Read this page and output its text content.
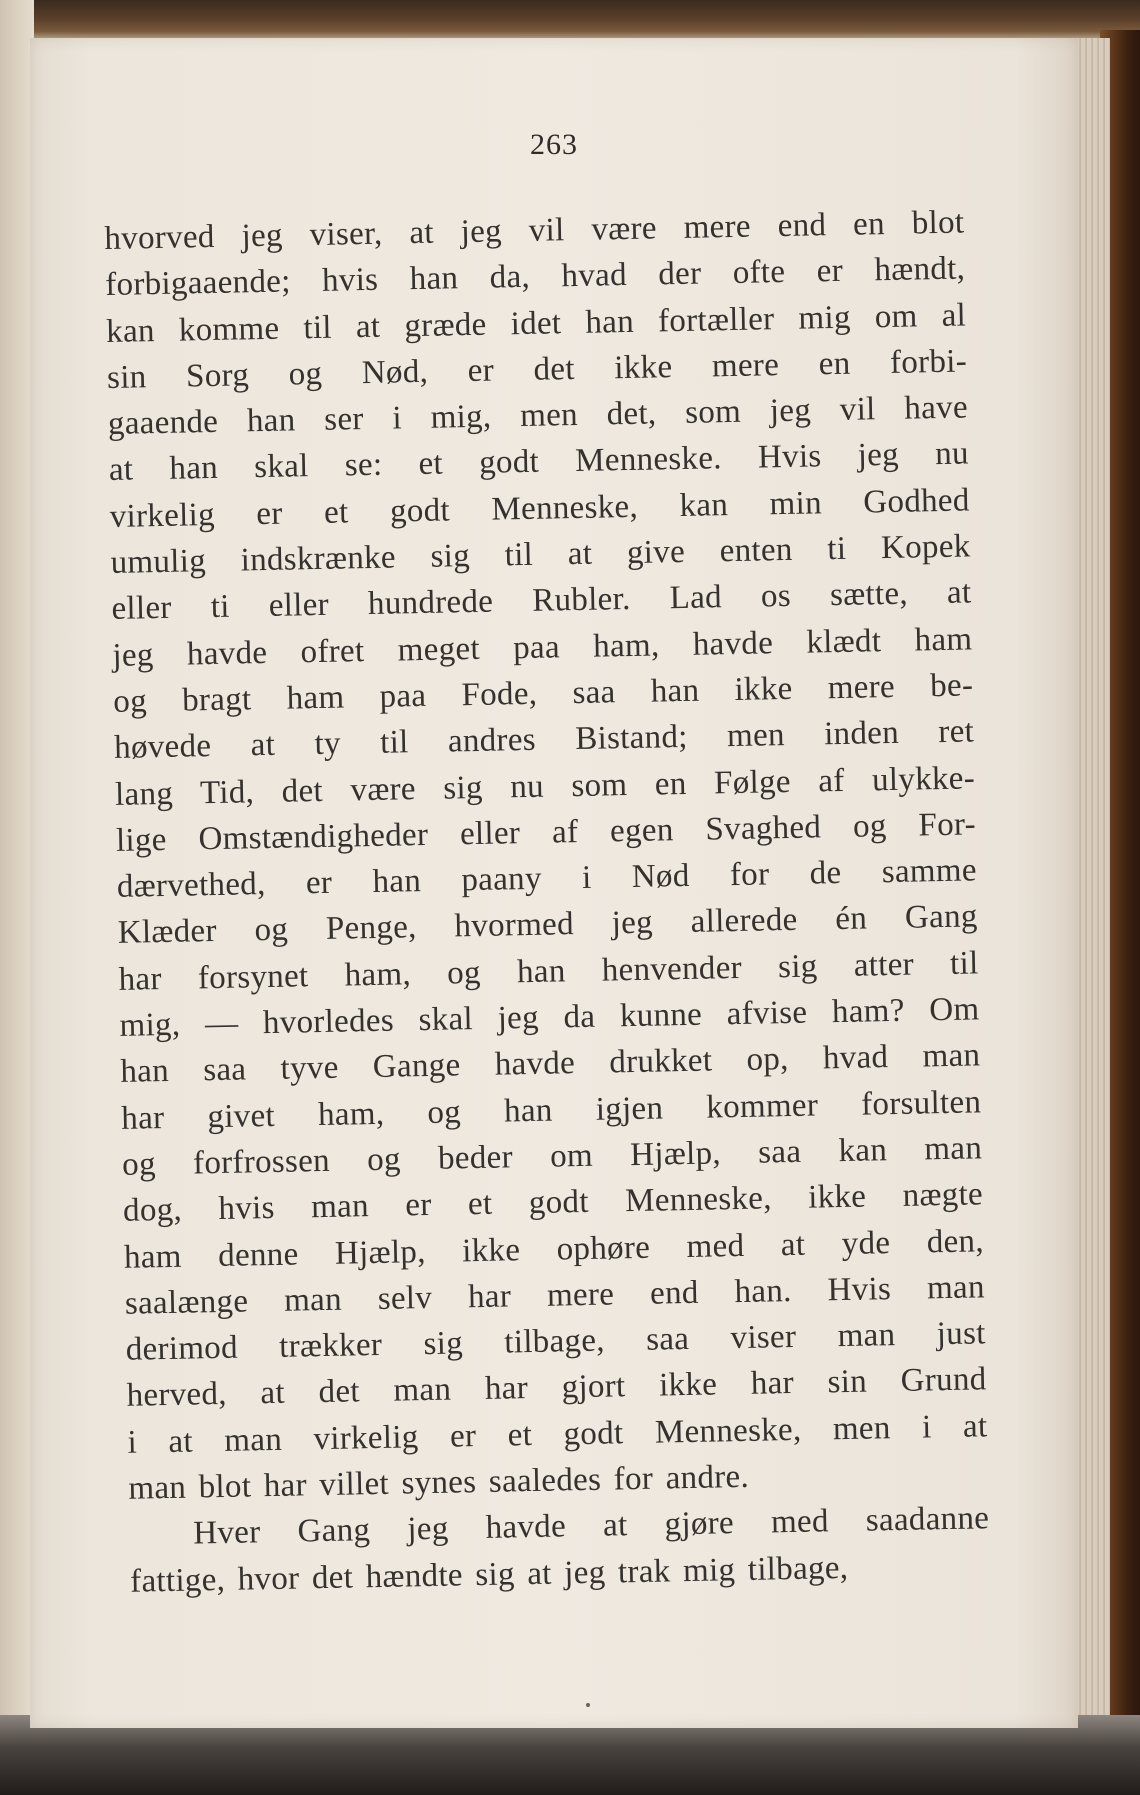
263
hvorved jeg viser, at jeg vil være mere end en blot
forbigaaende; hvis han da, hvad der ofte er hændt,
kan komme til at græde idet han fortæller mig om al
sin Sorg og Nød, er det ikke mere en forbi-
gaaende han ser i mig, men det, som jeg vil have
at han skal se: et godt Menneske. Hvis jeg nu
virkelig er et godt Menneske, kan min Godhed
umulig indskrænke sig til at give enten ti Kopek
eller ti eller hundrede Rubler. Lad os sætte, at
jeg havde ofret meget paa ham, havde klædt ham
og bragt ham paa Fode, saa han ikke mere be-
høvede at ty til andres Bistand; men inden ret
lang Tid, det være sig nu som en Følge af ulykke-
lige Omstændigheder eller af egen Svaghed og For-
dærvethed, er han paany i Nød for de samme
Klæder og Penge, hvormed jeg allerede én Gang
har forsynet ham, og han henvender sig atter til
mig, — hvorledes skal jeg da kunne afvise ham? Om
han saa tyve Gange havde drukket op, hvad man
har givet ham, og han igjen kommer forsulten
og forfrossen og beder om Hjælp, saa kan man
dog, hvis man er et godt Menneske, ikke nægte
ham denne Hjælp, ikke ophøre med at yde den,
saalænge man selv har mere end han. Hvis man
derimod trækker sig tilbage, saa viser man just
herved, at det man har gjort ikke har sin Grund
i at man virkelig er et godt Menneske, men i at
man blot har villet synes saaledes for andre.
Hver Gang jeg havde at gjøre med saadanne
fattige, hvor det hændte sig at jeg trak mig tilbage,
